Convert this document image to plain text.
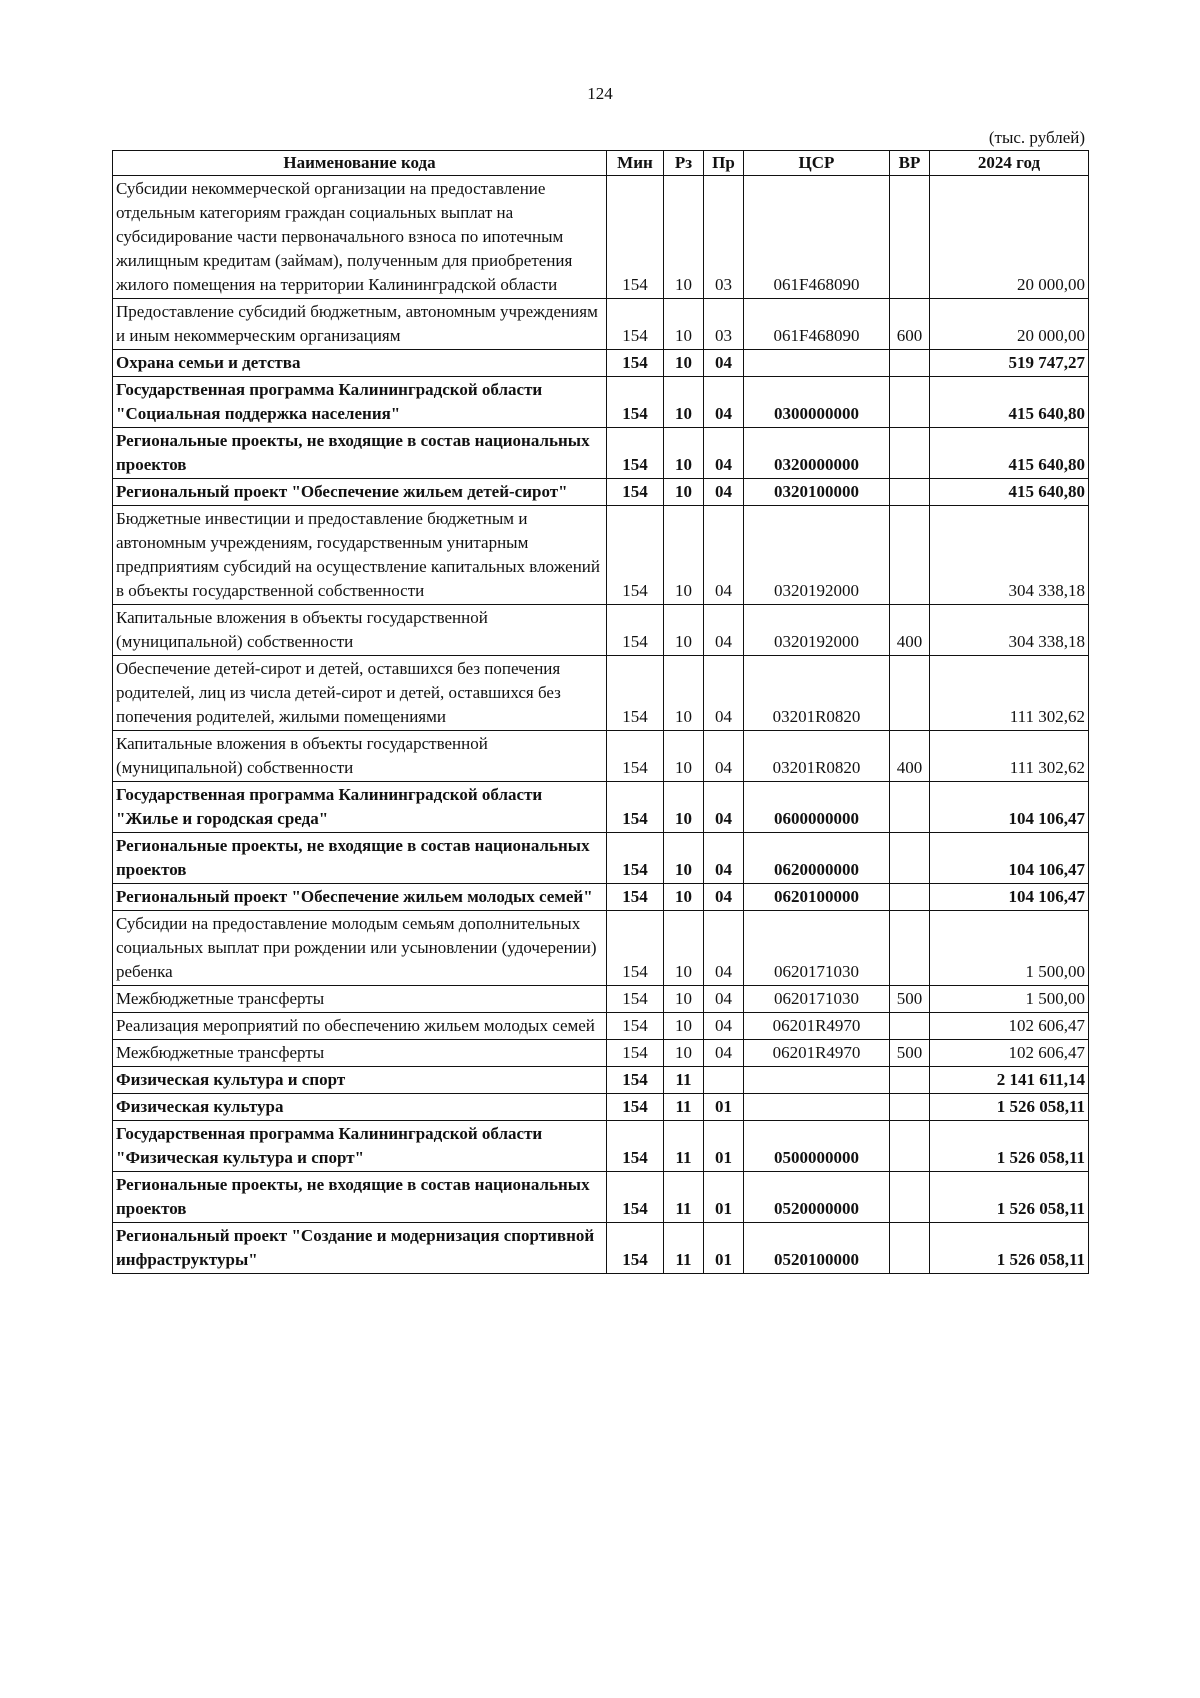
124
(тыс. рублей)
Наименование кода	Мин	Рз	Пр	ЦСР	ВР	2024 год
Субсидии некоммерческой организации на предоставление отдельным категориям граждан социальных выплат на субсидирование части первоначального взноса по ипотечным жилищным кредитам (займам), полученным для приобретения жилого помещения на территории Калининградской области	154	10	03	061F468090		20 000,00
Предоставление субсидий бюджетным, автономным учреждениям и иным некоммерческим организациям	154	10	03	061F468090	600	20 000,00
Охрана семьи и детства	154	10	04			519 747,27
Государственная программа Калининградской области "Социальная поддержка населения"	154	10	04	0300000000		415 640,80
Региональные проекты, не входящие в состав национальных проектов	154	10	04	0320000000		415 640,80
Региональный проект "Обеспечение жильем детей-сирот"	154	10	04	0320100000		415 640,80
Бюджетные инвестиции и предоставление бюджетным и автономным учреждениям, государственным унитарным предприятиям субсидий на осуществление капитальных вложений в объекты государственной собственности	154	10	04	0320192000		304 338,18
Капитальные вложения в объекты государственной (муниципальной) собственности	154	10	04	0320192000	400	304 338,18
Обеспечение детей-сирот и детей, оставшихся без попечения родителей, лиц из числа детей-сирот и детей, оставшихся без попечения родителей, жилыми помещениями	154	10	04	03201R0820		111 302,62
Капитальные вложения в объекты государственной (муниципальной) собственности	154	10	04	03201R0820	400	111 302,62
Государственная программа Калининградской области "Жилье и городская среда"	154	10	04	0600000000		104 106,47
Региональные проекты, не входящие в состав национальных проектов	154	10	04	0620000000		104 106,47
Региональный проект "Обеспечение жильем молодых семей"	154	10	04	0620100000		104 106,47
Субсидии на предоставление молодым семьям дополнительных социальных выплат при рождении или усыновлении (удочерении) ребенка	154	10	04	0620171030		1 500,00
Межбюджетные трансферты	154	10	04	0620171030	500	1 500,00
Реализация мероприятий по обеспечению жильем молодых семей	154	10	04	06201R4970		102 606,47
Межбюджетные трансферты	154	10	04	06201R4970	500	102 606,47
Физическая культура и спорт	154	11				2 141 611,14
Физическая культура	154	11	01			1 526 058,11
Государственная программа Калининградской области "Физическая культура и спорт"	154	11	01	0500000000		1 526 058,11
Региональные проекты, не входящие в состав национальных проектов	154	11	01	0520000000		1 526 058,11
Региональный проект "Создание и модернизация спортивной инфраструктуры"	154	11	01	0520100000		1 526 058,11
